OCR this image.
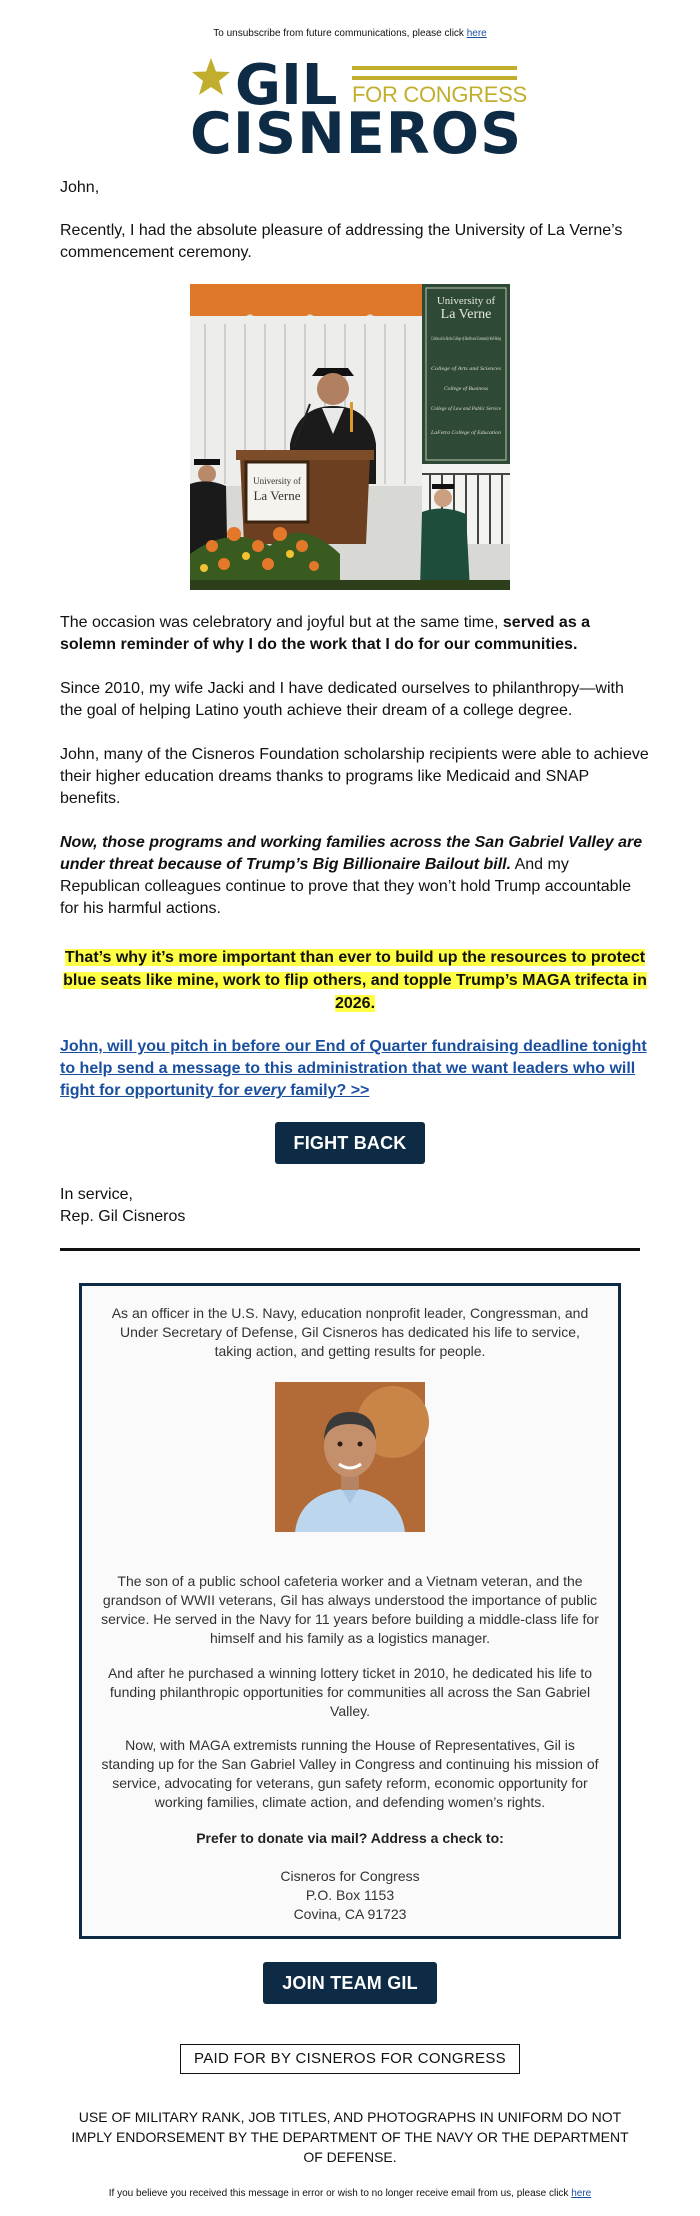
To unsubscribe from future communications, please click here
GIL FOR CONGRESS
CISNEROS

John,

Recently, I had the absolute pleasure of addressing the University of La Verne’s commencement ceremony.

University of
La Verne
College of Arts and Sciences
College of Business
College of Law and Public Service
LaFetra College of Education
University of
La Verne

The occasion was celebratory and joyful but at the same time, served as a solemn reminder of why I do the work that I do for our communities.

Since 2010, my wife Jacki and I have dedicated ourselves to philanthropy—with the goal of helping Latino youth achieve their dream of a college degree.

John, many of the Cisneros Foundation scholarship recipients were able to achieve their higher education dreams thanks to programs like Medicaid and SNAP benefits.

Now, those programs and working families across the San Gabriel Valley are under threat because of Trump’s Big Billionaire Bailout bill. And my Republican colleagues continue to prove that they won’t hold Trump accountable for his harmful actions.

That’s why it’s more important than ever to build up the resources to protect blue seats like mine, work to flip others, and topple Trump’s MAGA trifecta in 2026.
John, will you pitch in before our End of Quarter fundraising deadline tonight to help send a message to this administration that we want leaders who will fight for opportunity for every family? >>
FIGHT BACK

In service,

Rep. Gil Cisneros

As an officer in the U.S. Navy, education nonprofit leader, Congressman, and Under Secretary of Defense, Gil Cisneros has dedicated his life to service, taking action, and getting results for people.

The son of a public school cafeteria worker and a Vietnam veteran, and the grandson of WWII veterans, Gil has always understood the importance of public service. He served in the Navy for 11 years before building a middle-class life for himself and his family as a logistics manager.

And after he purchased a winning lottery ticket in 2010, he dedicated his life to funding philanthropic opportunities for communities all across the San Gabriel Valley.

Now, with MAGA extremists running the House of Representatives, Gil is standing up for the San Gabriel Valley in Congress and continuing his mission of service, advocating for veterans, gun safety reform, economic opportunity for working families, climate action, and defending women’s rights.

Prefer to donate via mail? Address a check to:

Cisneros for Congress

P.O. Box 1153

Covina, CA 91723

JOIN TEAM GIL
PAID FOR BY CISNEROS FOR CONGRESS
USE OF MILITARY RANK, JOB TITLES, AND PHOTOGRAPHS IN UNIFORM DO NOT IMPLY ENDORSEMENT BY THE DEPARTMENT OF THE NAVY OR THE DEPARTMENT OF DEFENSE.
If you believe you received this message in error or wish to no longer receive email from us, please click here
